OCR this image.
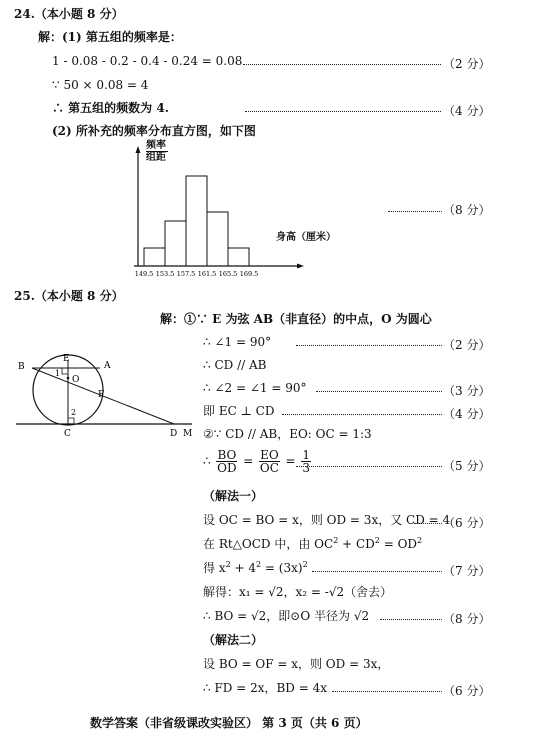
24.（本小题 8 分）
解：(1) 第五组的频率是：
1 - 0.08 - 0.2 - 0.4 - 0.24 = 0.08	（2 分）
∵ 50 × 0.08 = 4
∴ 第五组的频数为 4.	（4 分）
(2) 所补充的频率分布直方图，如下图
149.5 153.5 157.5 161.5 165.5 169.5
频率
组距
身高（厘米）
（8 分）
25.（本小题 8 分）
解：①∵ E 为弦 AB（非直径）的中点，O 为圆心
B
E
A
O
F
C	D M
1
2
∴ ∠1 = 90°	（2 分）
∴ CD // AB
∴ ∠2 = ∠1 = 90°	（3 分）
即 EC ⊥ CD	（4 分）
②∵ CD // AB，EO: OC = 1:3
∴ $\frac{BO}{OD} = \frac{EO}{OC} = \frac{1}{3}$	（5 分）
（解法一）
设 OC = BO = x，则 OD = 3x，又 CD = 4
（6 分）
在 Rt△OCD 中，由 $OC^2 + CD^2 = OD^2$
得 $x^2 + 4^2 = (3x)^2$	（7 分）
解得：x₁ = √2，x₂ = -√2（舍去）
∴ BO = √2，即⊙O 半径为 √2	（8 分）
（解法二）
设 BO = OF = x，则 OD = 3x，
∴ FD = 2x，BD = 4x	（6 分）
数学答案（非省级课改实验区） 第 3 页（共 6 页）
